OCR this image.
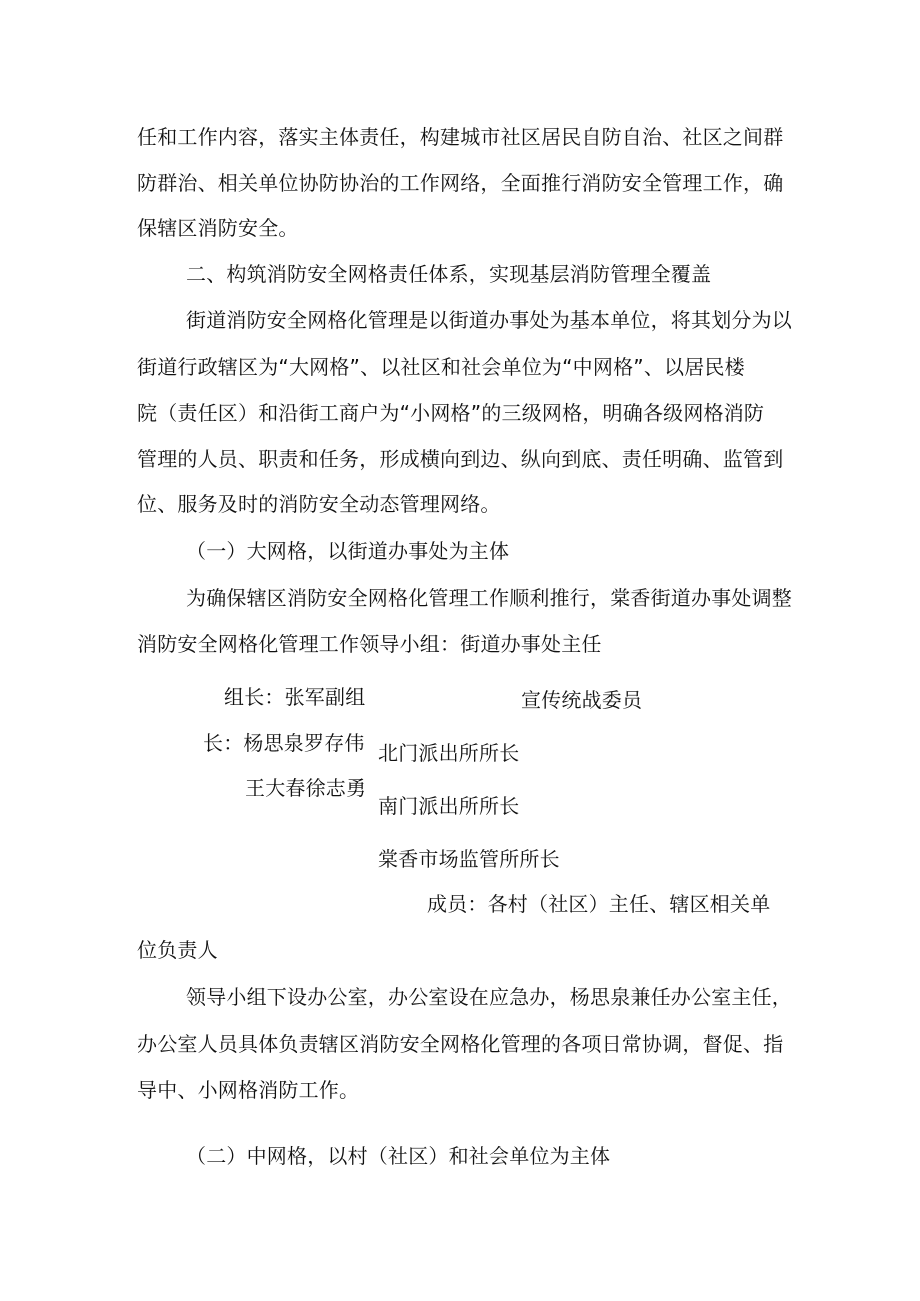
任和工作内容，落实主体责任，构建城市社区居民自防自治、社区之间群
防群治、相关单位协防协治的工作网络，全面推行消防安全管理工作，确
保辖区消防安全。
二、构筑消防安全网格责任体系，实现基层消防管理全覆盖
街道消防安全网格化管理是以街道办事处为基本单位，将其划分为以
街道行政辖区为“大网格”、以社区和社会单位为“中网格”、以居民楼
院（责任区）和沿街工商户为“小网格”的三级网格，明确各级网格消防
管理的人员、职责和任务，形成横向到边、纵向到底、责任明确、监管到
位、服务及时的消防安全动态管理网络。
（一）大网格，以街道办事处为主体
为确保辖区消防安全网格化管理工作顺利推行，棠香街道办事处调整
消防安全网格化管理工作领导小组：街道办事处主任
组长：张军副组	宣传统战委员
长：杨思泉罗存伟 北门派出所所长
王大春徐志勇
南门派出所所长
棠香市场监管所所长
成员：各村（社区）主任、辖区相关单
位负责人
领导小组下设办公室，办公室设在应急办，杨思泉兼任办公室主任，
办公室人员具体负责辖区消防安全网格化管理的各项日常协调，督促、指
导中、小网格消防工作。
（二）中网格，以村（社区）和社会单位为主体
